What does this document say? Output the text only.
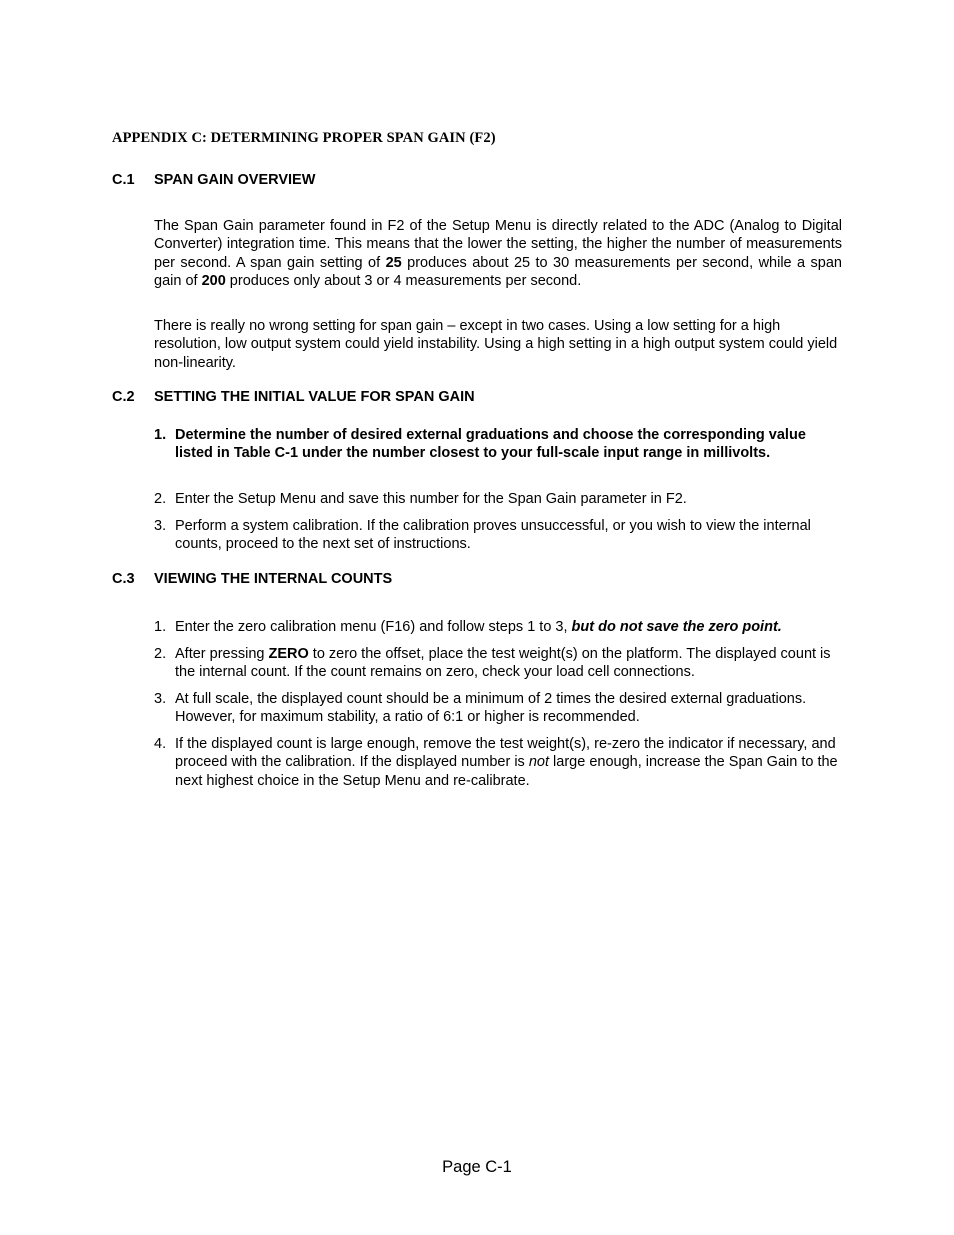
APPENDIX C: DETERMINING PROPER SPAN GAIN (F2)
C.1 SPAN GAIN OVERVIEW

The Span Gain parameter found in F2 of the Setup Menu is directly related to the ADC (Analog to Digital Converter) integration time. This means that the lower the setting, the higher the number of measurements per second. A span gain setting of 25 produces about 25 to 30 measurements per second, while a span gain of 200 produces only about 3 or 4 measurements per second.

There is really no wrong setting for span gain – except in two cases. Using a low setting for a high resolution, low output system could yield instability. Using a high setting in a high output system could yield non-linearity.

C.2 SETTING THE INITIAL VALUE FOR SPAN GAIN
1. Determine the number of desired external graduations and choose the corresponding value listed in Table C-1 under the number closest to your full-scale input range in millivolts.
2. Enter the Setup Menu and save this number for the Span Gain parameter in F2.
3. Perform a system calibration. If the calibration proves unsuccessful, or you wish to view the internal counts, proceed to the next set of instructions.
C.3 VIEWING THE INTERNAL COUNTS
1. Enter the zero calibration menu (F16) and follow steps 1 to 3, but do not save the zero point.
2. After pressing ZERO to zero the offset, place the test weight(s) on the platform. The displayed count is the internal count. If the count remains on zero, check your load cell connections.
3. At full scale, the displayed count should be a minimum of 2 times the desired external graduations. However, for maximum stability, a ratio of 6:1 or higher is recommended.
4. If the displayed count is large enough, remove the test weight(s), re-zero the indicator if necessary, and proceed with the calibration. If the displayed number is not large enough, increase the Span Gain to the next highest choice in the Setup Menu and re-calibrate.
Page C-1
